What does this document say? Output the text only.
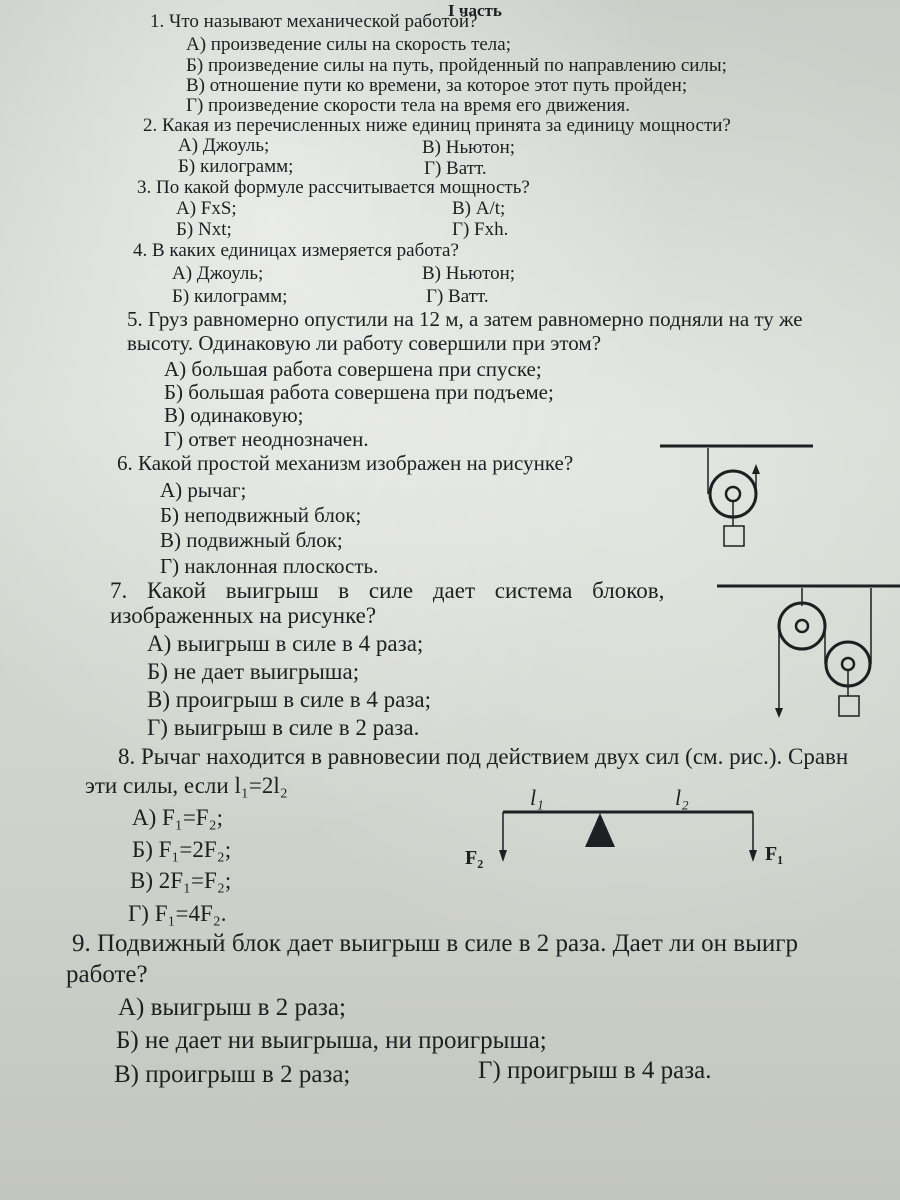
I часть
1. Что называют механической работой?
А) произведение силы на скорость тела;
Б) произведение силы на путь, пройденный по направлению силы;
В) отношение пути ко времени, за которое этот путь пройден;
Г) произведение скорости тела на время его движения.
2. Какая из перечисленных ниже единиц принята за единицу мощности?
А) Джоуль;	В) Ньютон;
Б) килограмм;	Г) Ватт.
3. По какой формуле рассчитывается мощность?
А) FxS;	В) A/t;
Б) Nxt;	Г) Fxh.
4. В каких единицах измеряется работа?
А) Джоуль;	В) Ньютон;
Б) килограмм;	Г) Ватт.
5. Груз равномерно опустили на 12 м, а затем равномерно подняли на ту же
высоту. Одинаковую ли работу совершили при этом?
А) большая работа совершена при спуске;
Б) большая работа совершена при подъеме;
В) одинаковую;
Г) ответ неоднозначен.
6. Какой простой механизм изображен на рисунке?
А) рычаг;
Б) неподвижный блок;
В) подвижный блок;
Г) наклонная плоскость.
7. Какой выигрыш в силе дает система блоков,
изображенных на рисунке?
А) выигрыш в силе в 4 раза;
Б) не дает выигрыша;
В) проигрыш в силе в 4 раза;
Г) выигрыш в силе в 2 раза.
8. Рычаг находится в равновесии под действием двух сил (см. рис.). Сравн
эти силы, если l₁=2l₂
А) F₁=F₂;
Б) F₁=2F₂;
В) 2F₁=F₂;
Г) F₁=4F₂.
l₁	l₂
F₂	F₁
9. Подвижный блок дает выигрыш в силе в 2 раза. Дает ли он выигр
работе?
А) выигрыш в 2 раза;
Б) не дает ни выигрыша, ни проигрыша;
В) проигрыш в 2 раза;	Г) проигрыш в 4 раза.
